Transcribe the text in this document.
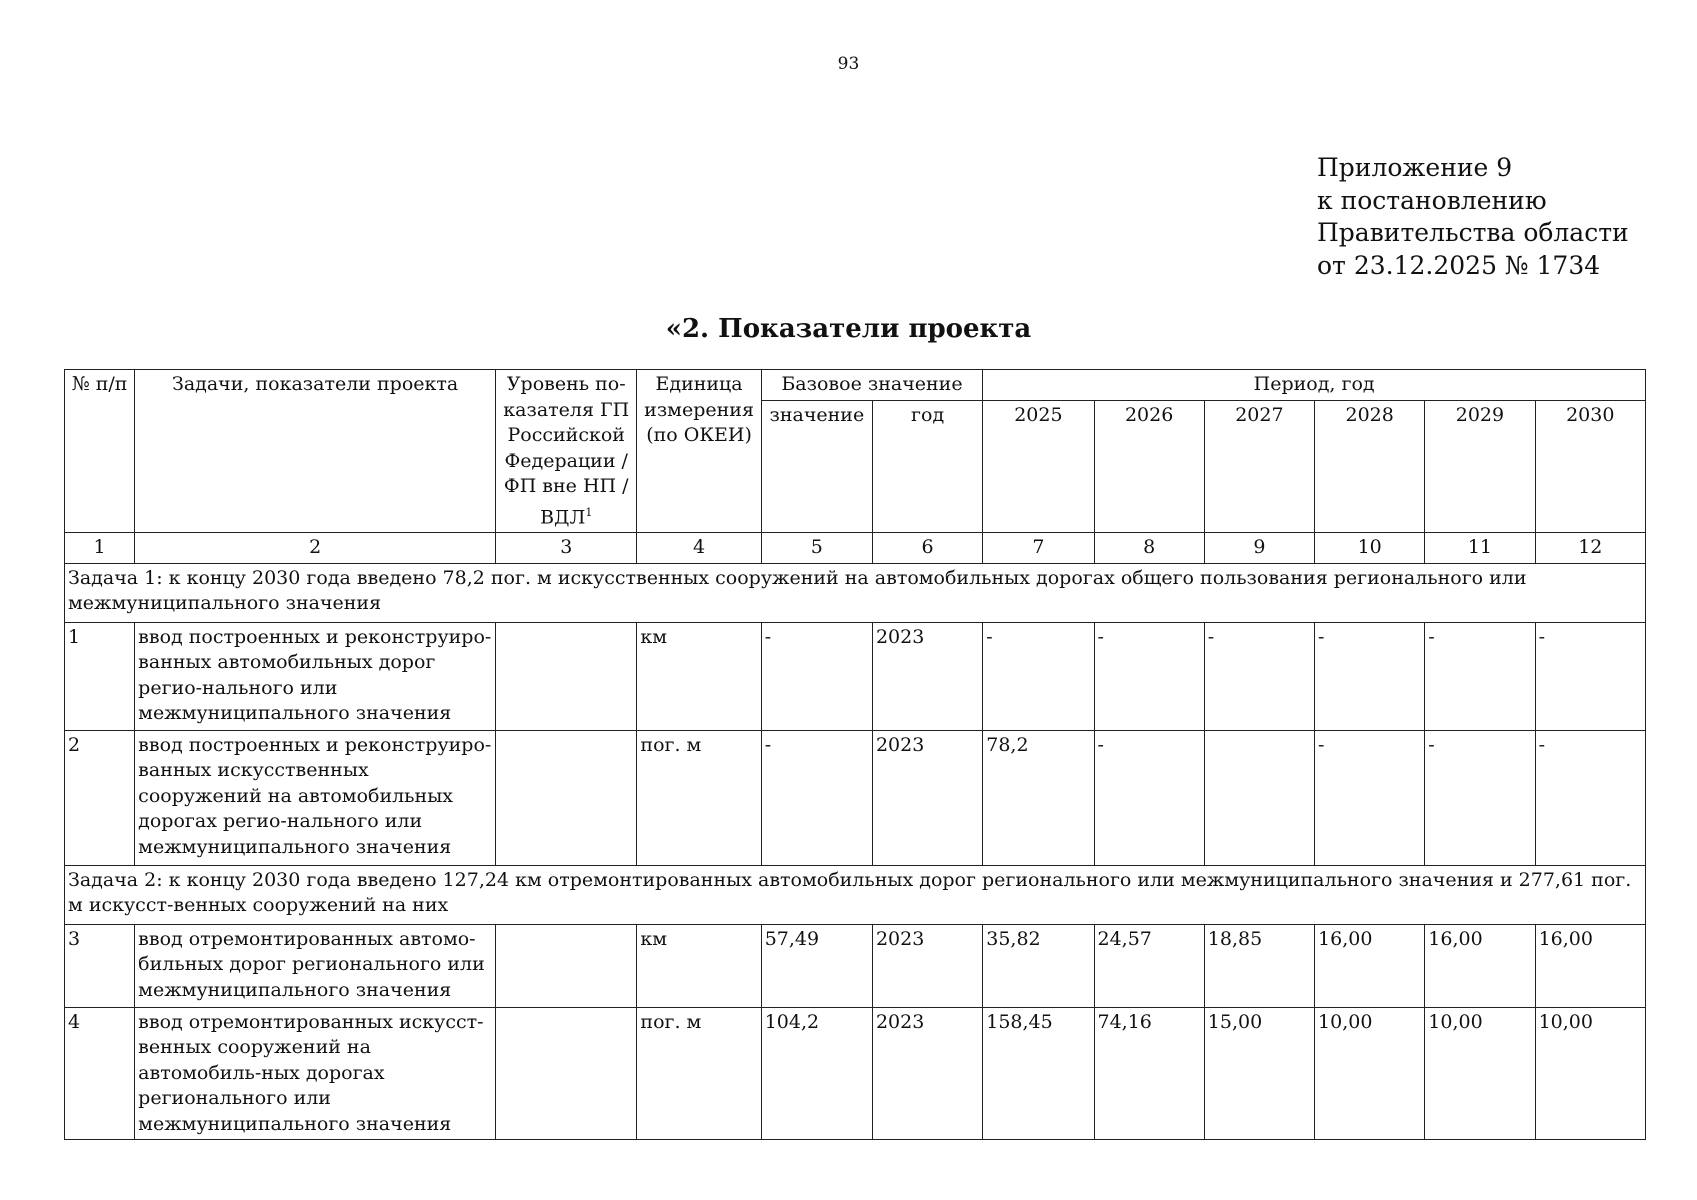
93
Приложение 9
к постановлению
Правительства области
от 23.12.2025 № 1734
«2. Показатели проекта
№ п/п	Задачи, показатели проекта	Уровень по-казателя ГП Российской Федерации / ФП вне НП / ВДЛ$^1$	Единица измерения (по ОКЕИ)	Базовое значение		Период, год					
				значение	год	2025	2026	2027	2028	2029	2030
1	2	3	4	5	6	7	8	9	10	11	12
Задача 1: к концу 2030 года введено 78,2 пог. м искусственных сооружений на автомобильных дорогах общего пользования регионального или межмуниципального значения											
1	ввод построенных и реконструиро-ванных автомобильных дорог регио-нального или межмуниципального значения		км	-	2023	-	-	-	-	-	-
2	ввод построенных и реконструиро-ванных искусственных сооружений на автомобильных дорогах регио-нального или межмуниципального значения		пог. м	-	2023	78,2	-		-	-	-
Задача 2: к концу 2030 года введено 127,24 км отремонтированных автомобильных дорог регионального или межмуниципального значения и 277,61 пог. м искусст-венных сооружений на них											
3	ввод отремонтированных автомо-бильных дорог регионального или межмуниципального значения		км	57,49	2023	35,82	24,57	18,85	16,00	16,00	16,00
4	ввод отремонтированных искусст-венных сооружений на автомобиль-ных дорогах регионального или межмуниципального значения		пог. м	104,2	2023	158,45	74,16	15,00	10,00	10,00	10,00
